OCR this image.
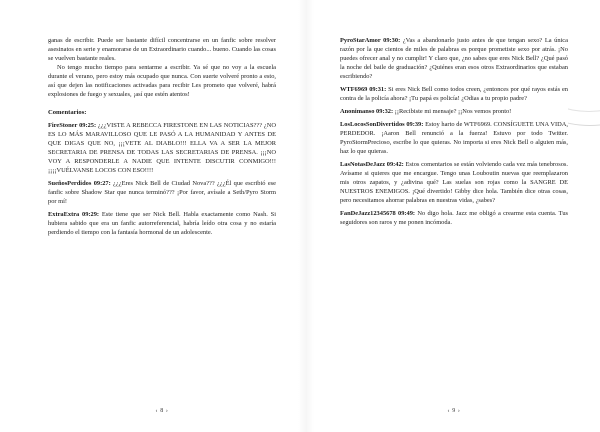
ganas de escribir. Puede ser bastante difícil concentrarse en un fanfic sobre resolver asesinatos en serie y enamorarse de un Extraordinario cuando... bueno. Cuando las cosas se vuelven bastante reales.

No tengo mucho tiempo para sentarme a escribir. Ya sé que no voy a la escuela durante el verano, pero estoy más ocupado que nunca. Con suerte volveré pronto a esto, así que dejen las notificaciones activadas para recibir Les prometo que volveré, habrá explosiones de fuego y sexuales, ¡así que estén atentos!

Comentarios:

FireStoner 09:25: ¿¿¿VISTE A REBECCA FIRESTONE EN LAS NOTICIAS??? ¿NO ES LO MÁS MARAVILLOSO QUE LE PASÓ A LA HUMANIDAD Y ANTES DE QUE DIGAS QUE NO, ¡¡¡VETE AL DIABLO!!! ELLA VA A SER LA MEJOR SECRETARIA DE PRENSA DE TODAS LAS SECRETARIAS DE PRENSA. ¡¡¡NO VOY A RESPONDERLE A NADIE QUE INTENTE DISCUTIR CONMIGO!!! ¡¡¡¡VUÉLVANSE LOCOS CON ESO!!!!

SueñosPerdidos 09:27: ¿¿¿Eres Nick Bell de Ciudad Nova??? ¿¿¿Él que escribió ese fanfic sobre Shadow Star que nunca terminó??? ¡Por favor, avísale a Seth/Pyro Storm por mí!

ExtraExtra 09:29: Este tiene que ser Nick Bell. Habla exactamente como Nash. Si hubiera sabido que era un fanfic autorreferencial, habría leído otra cosa y no estaría perdiendo el tiempo con la fantasía hormonal de un adolescente.

‹ 8 ›

PyroStarAmor 09:30: ¿Vas a abandonarlo justo antes de que tengan sexo? La única razón por la que cientos de miles de palabras es porque prometiste sexo por atrás. ¡No puedes ofrecer anal y no cumplir! Y claro que, ¿no sabes que eres Nick Bell? ¿Qué pasó la noche del baile de graduación? ¿Quiénes eran esos otros Extraordinarios que estaban escribiendo?

WTF6969 09:31: Si eres Nick Bell como todos creen, ¿entonces por qué rayos estás en contra de la policía ahora? ¡Tu papá es policía! ¿Odias a tu propio padre?

Anonimanso 09:32: ¡¡Recibiste mi mensaje? ¡¡Nos vemos pronto!

LosLocosSonDivertidos 09:39: Estoy harto de WTF6969. CONSÍGUETE UNA VIDA, PERDEDOR. ¡Aaron Bell renunció a la fuerza! Estuvo por todo Twitter. PyroStormPrecioso, escribe lo que quieras. No importa si eres Nick Bell o alguien más, haz lo que quieras.

LasNotasDeJazz 09:42: Estos comentarios se están volviendo cada vez más tenebrosos. Avísame si quieres que me encargue. Tengo unas Louboutin nuevas que reemplazaron mis otros zapatos, y ¿adivina qué? Las suelas son rojas como la SANGRE DE NUESTROS ENEMIGOS. ¡Qué divertido! Gibby dice hola. También dice otras cosas, pero necesitamos ahorrar palabras en nuestras vidas, ¿sabes?

FanDeJazz12345678 09:49: No digo hola. Jazz me obligó a crearme esta cuenta. Tus seguidores son raros y me ponen incómoda.

‹ 9 ›
